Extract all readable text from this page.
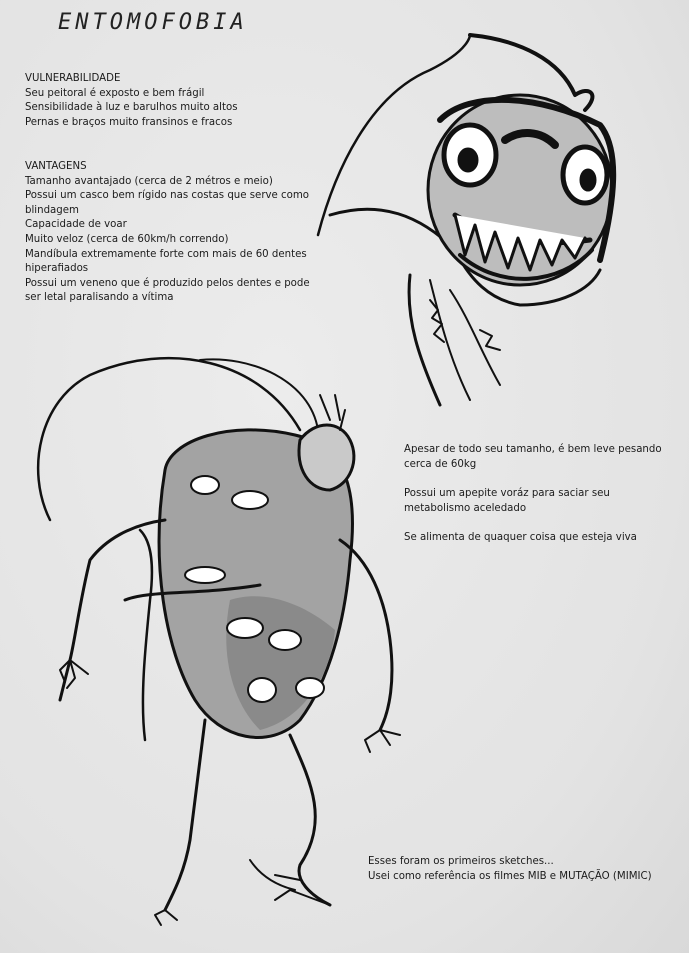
ENTOMOFOBIA
VULNERABILIDADE
Seu peitoral é exposto e bem frágil
Sensibilidade à luz e barulhos muito altos
Pernas e braços muito fransinos e fracos
VANTAGENS
Tamanho avantajado (cerca de 2 métros e meio)
Possui um casco bem rígido nas costas que serve como
blindagem
Capacidade de voar
Muito veloz (cerca de 60km/h correndo)
Mandíbula extremamente forte com mais de 60 dentes
hiperafiados
Possui um veneno que é produzido pelos dentes e pode
ser letal paralisando a vítima
Apesar de todo seu tamanho, é bem leve pesando
cerca de 60kg
Possui um apepite voráz para saciar seu
metabolismo aceledado
Se alimenta de quaquer coisa que esteja viva
Esses foram os primeiros sketches...
Usei como referência os filmes MIB e MUTAÇÃO (MIMIC)
